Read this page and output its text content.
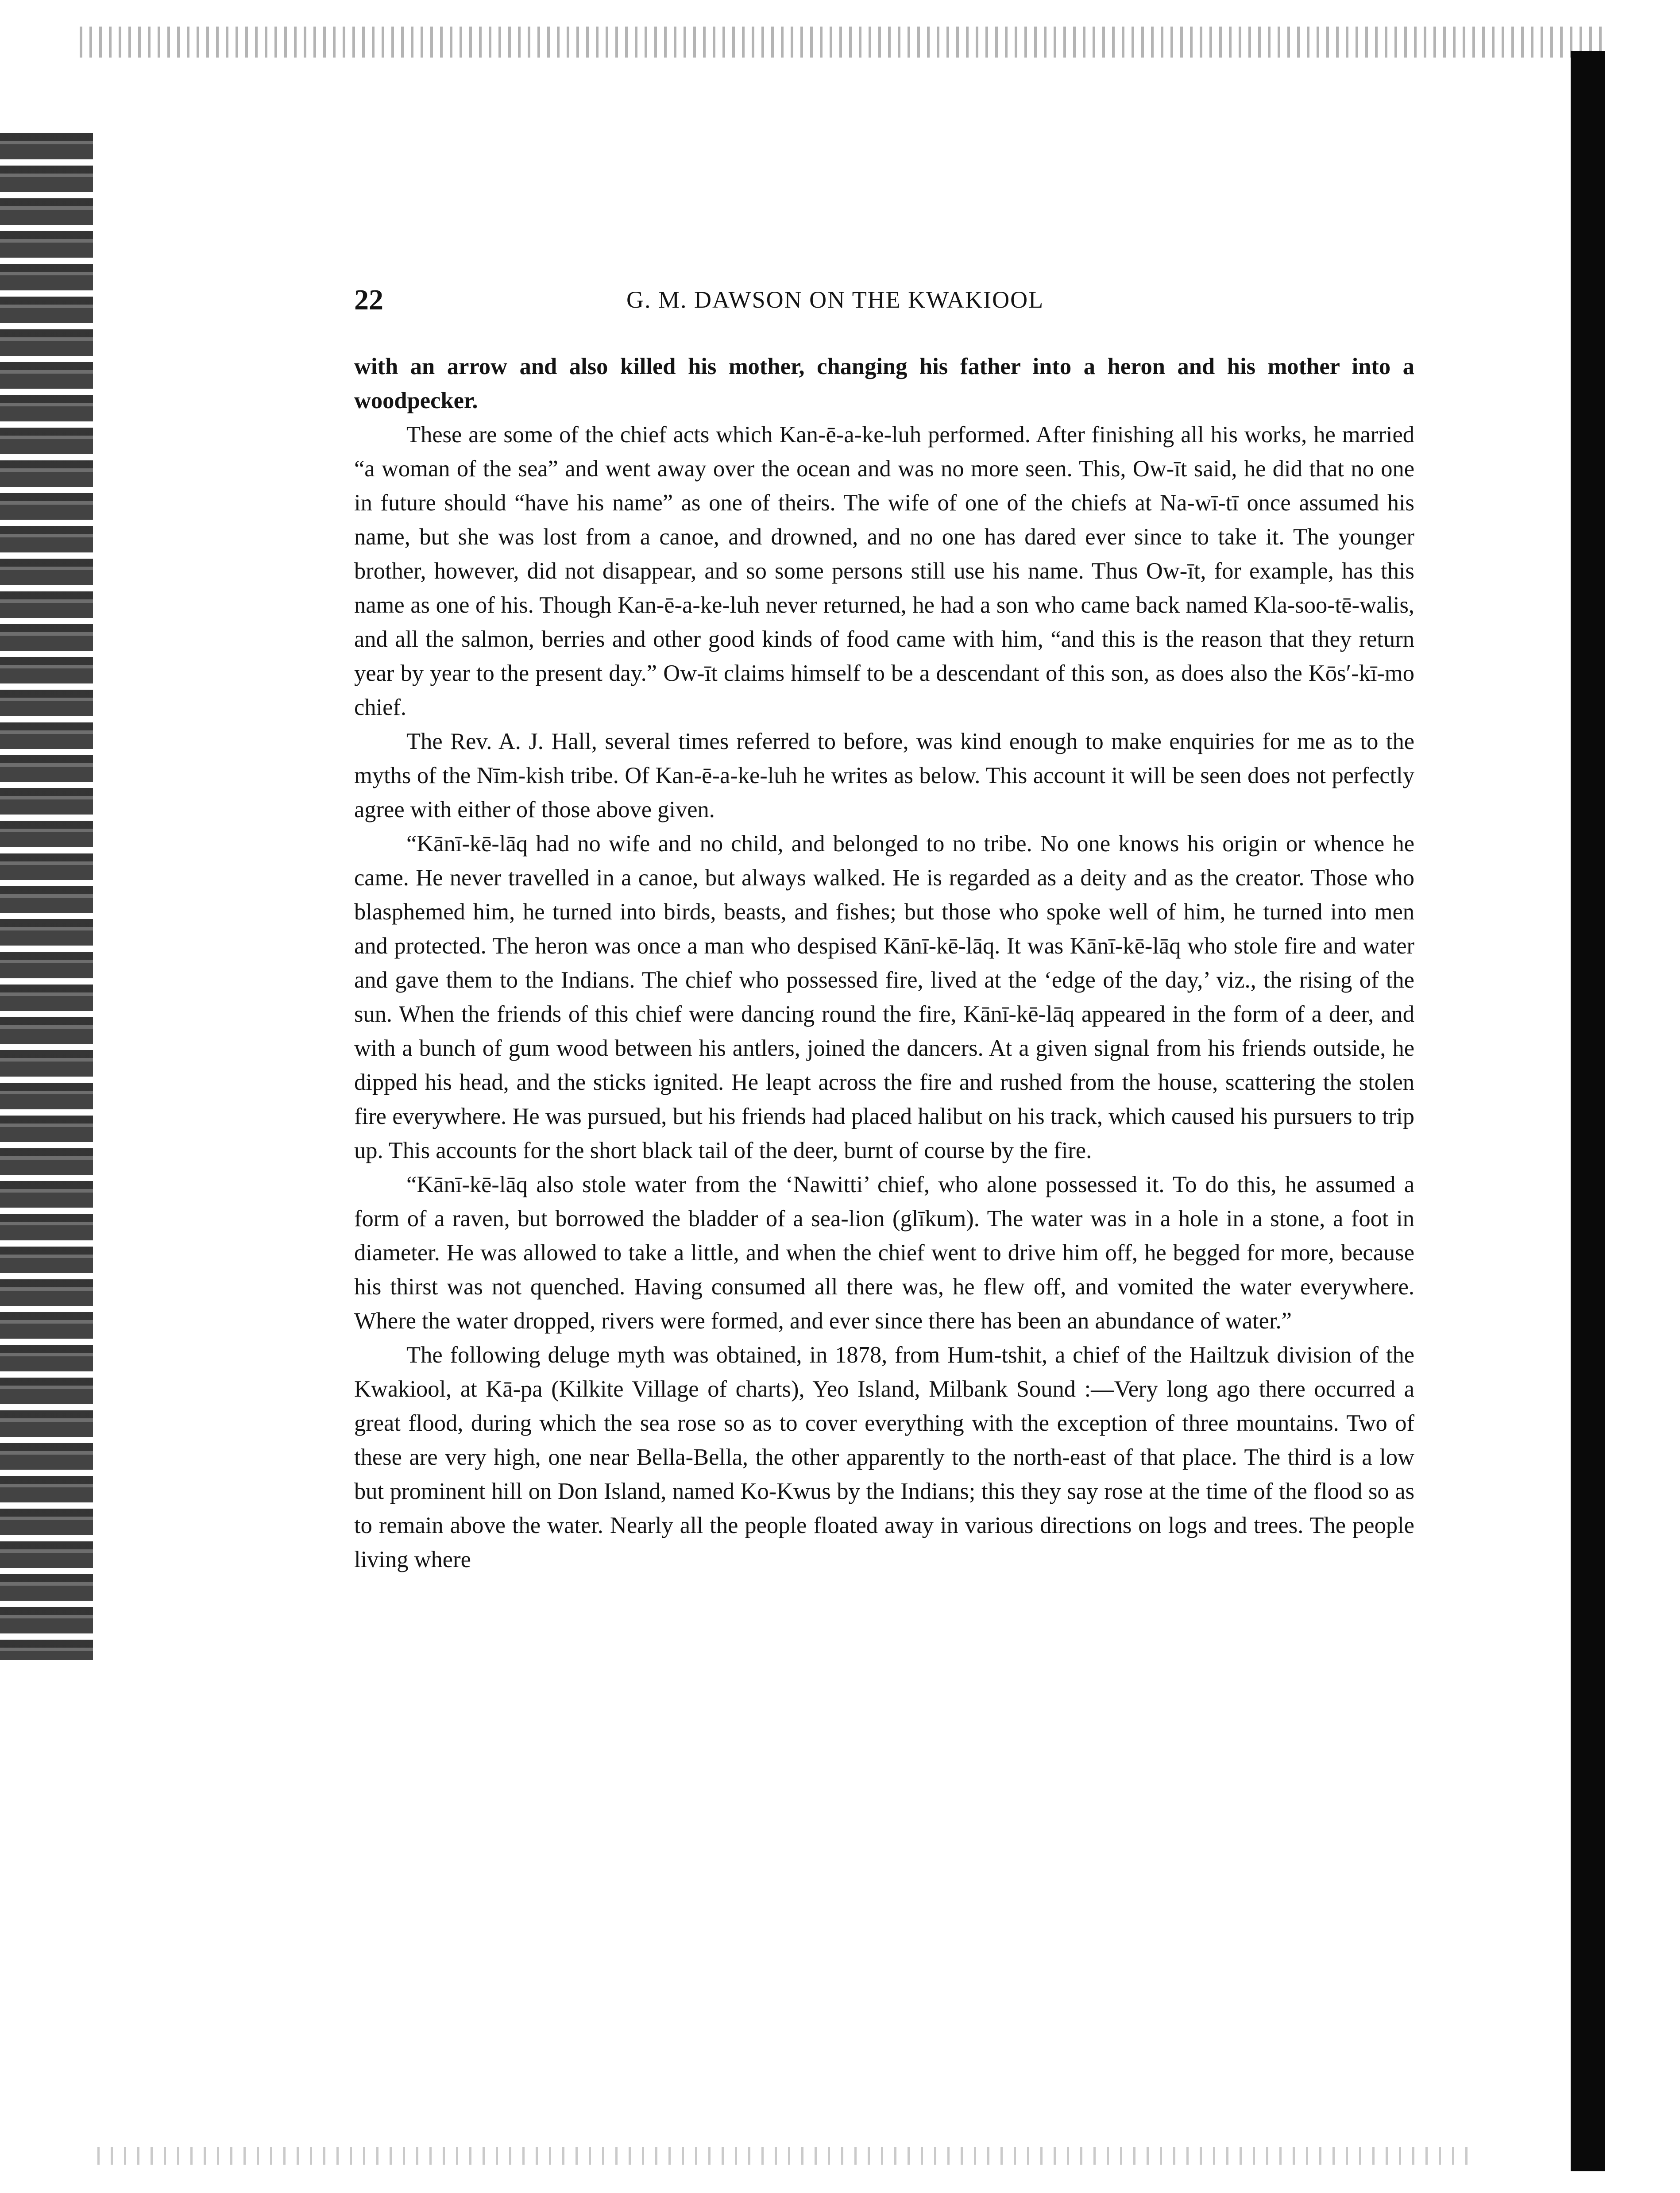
22	G. M. DAWSON ON THE KWAKIOOL

with an arrow and also killed his mother, changing his father into a heron and his mother into a woodpecker.

These are some of the chief acts which Kan-ē-a-ke-luh performed. After finishing all his works, he married “a woman of the sea” and went away over the ocean and was no more seen. This, Ow-īt said, he did that no one in future should “have his name” as one of theirs. The wife of one of the chiefs at Na-wī-tī once assumed his name, but she was lost from a canoe, and drowned, and no one has dared ever since to take it. The younger brother, however, did not disappear, and so some persons still use his name. Thus Ow-īt, for example, has this name as one of his. Though Kan-ē-a-ke-luh never returned, he had a son who came back named Kla-soo-tē-walis, and all the salmon, berries and other good kinds of food came with him, “and this is the reason that they return year by year to the present day.” Ow-īt claims himself to be a descendant of this son, as does also the Kōs′-kī-mo chief.

The Rev. A. J. Hall, several times referred to before, was kind enough to make enquiries for me as to the myths of the Nīm-kish tribe. Of Kan-ē-a-ke-luh he writes as below. This account it will be seen does not perfectly agree with either of those above given.

“Kānī-kē-lāq had no wife and no child, and belonged to no tribe. No one knows his origin or whence he came. He never travelled in a canoe, but always walked. He is regarded as a deity and as the creator. Those who blasphemed him, he turned into birds, beasts, and fishes; but those who spoke well of him, he turned into men and protected. The heron was once a man who despised Kānī-kē-lāq. It was Kānī-kē-lāq who stole fire and water and gave them to the Indians. The chief who possessed fire, lived at the ‘edge of the day,’ viz., the rising of the sun. When the friends of this chief were dancing round the fire, Kānī-kē-lāq appeared in the form of a deer, and with a bunch of gum wood between his antlers, joined the dancers. At a given signal from his friends outside, he dipped his head, and the sticks ignited. He leapt across the fire and rushed from the house, scattering the stolen fire everywhere. He was pursued, but his friends had placed halibut on his track, which caused his pursuers to trip up. This accounts for the short black tail of the deer, burnt of course by the fire.

“Kānī-kē-lāq also stole water from the ‘Nawitti’ chief, who alone possessed it. To do this, he assumed a form of a raven, but borrowed the bladder of a sea-lion (glīkum). The water was in a hole in a stone, a foot in diameter. He was allowed to take a little, and when the chief went to drive him off, he begged for more, because his thirst was not quenched. Having consumed all there was, he flew off, and vomited the water everywhere. Where the water dropped, rivers were formed, and ever since there has been an abundance of water.”

The following deluge myth was obtained, in 1878, from Hum-tshit, a chief of the Hailtzuk division of the Kwakiool, at Kā-pa (Kilkite Village of charts), Yeo Island, Milbank Sound :—Very long ago there occurred a great flood, during which the sea rose so as to cover everything with the exception of three mountains. Two of these are very high, one near Bella-Bella, the other apparently to the north-east of that place. The third is a low but prominent hill on Don Island, named Ko-Kwus by the Indians; this they say rose at the time of the flood so as to remain above the water. Nearly all the people floated away in various directions on logs and trees. The people living where
